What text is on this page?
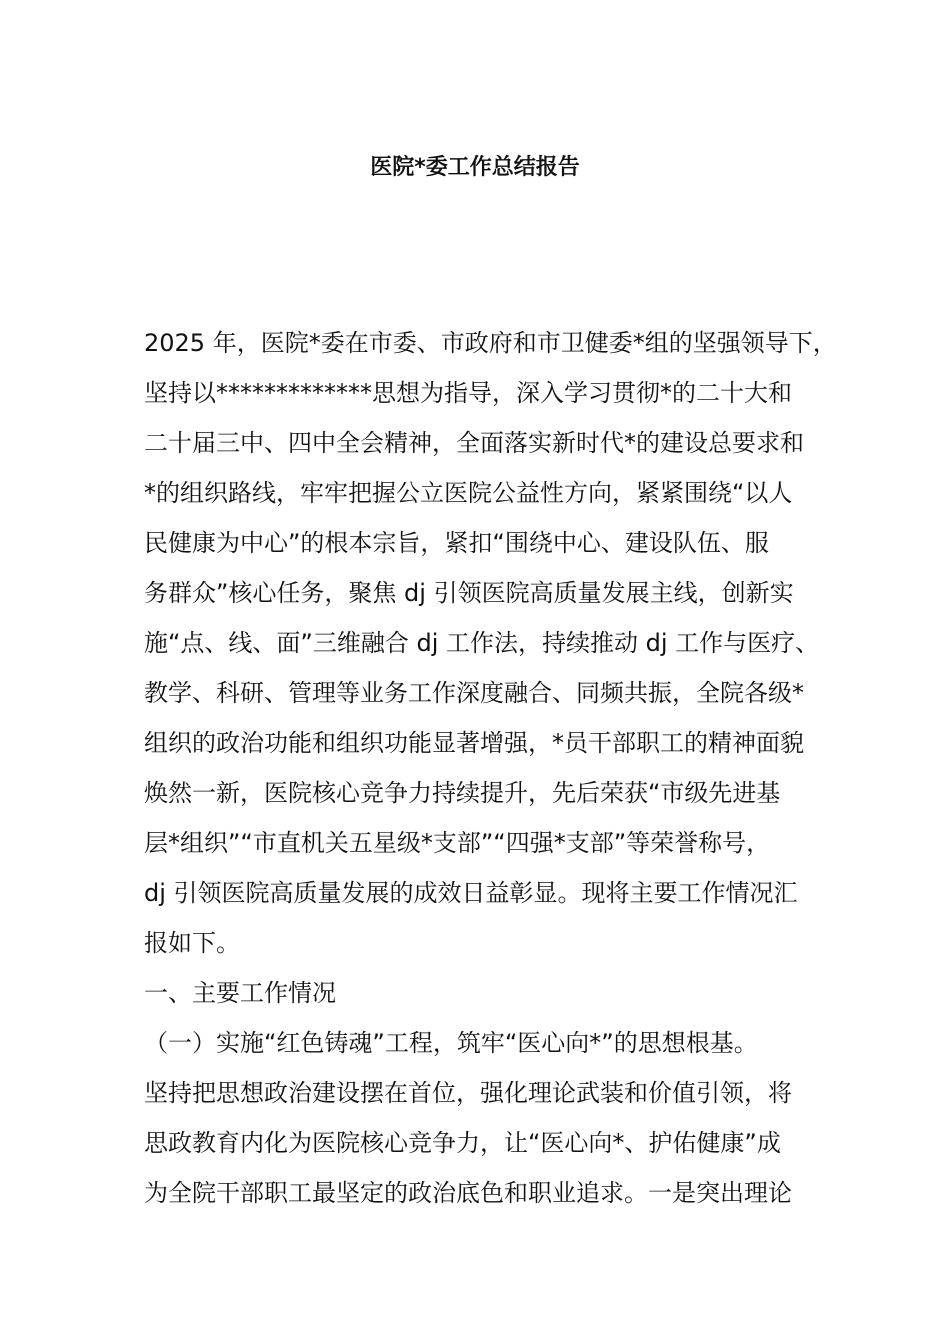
医院*委工作总结报告

2025 年，医院*委在市委、市政府和市卫健委*组的坚强领导下，

坚持以*************思想为指导，深入学习贯彻*的二十大和

二十届三中、四中全会精神，全面落实新时代*的建设总要求和

*的组织路线，牢牢把握公立医院公益性方向，紧紧围绕“以人

民健康为中心”的根本宗旨，紧扣“围绕中心、建设队伍、服

务群众”核心任务，聚焦 dj 引领医院高质量发展主线，创新实

施“点、线、面”三维融合 dj 工作法，持续推动 dj 工作与医疗、

教学、科研、管理等业务工作深度融合、同频共振，全院各级*

组织的政治功能和组织功能显著增强，*员干部职工的精神面貌

焕然一新，医院核心竞争力持续提升，先后荣获“市级先进基

层*组织”“市直机关五星级*支部”“四强*支部”等荣誉称号，

dj 引领医院高质量发展的成效日益彰显。现将主要工作情况汇

报如下。

一、主要工作情况

（一）实施“红色铸魂”工程，筑牢“医心向*”的思想根基。

坚持把思想政治建设摆在首位，强化理论武装和价值引领，将

思政教育内化为医院核心竞争力，让“医心向*、护佑健康”成

为全院干部职工最坚定的政治底色和职业追求。一是突出理论
